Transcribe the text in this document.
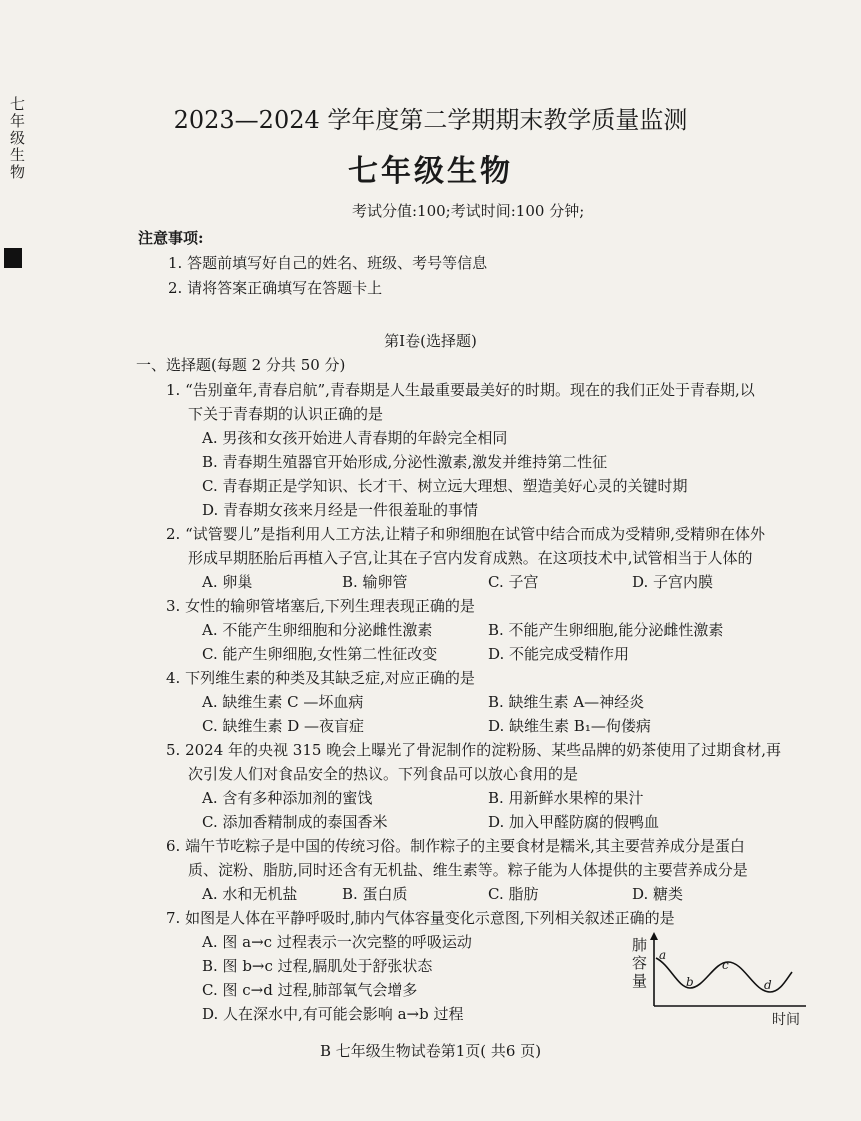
七年级生物	2023—2024 学年度第二学期期末教学质量监测
七年级生物
考试分值:100;考试时间:100 分钟;
注意事项:
1. 答题前填写好自己的姓名、班级、考号等信息
2. 请将答案正确填写在答题卡上
第Ⅰ卷(选择题)
一、选择题(每题 2 分共 50 分)
1. “告别童年,青春启航”,青春期是人生最重要最美好的时期。现在的我们正处于青春期,以
下关于青春期的认识正确的是
A. 男孩和女孩开始进人青春期的年龄完全相同
B. 青春期生殖器官开始形成,分泌性激素,激发并维持第二性征
C. 青春期正是学知识、长才干、树立远大理想、塑造美好心灵的关键时期
D. 青春期女孩来月经是一件很羞耻的事情
2. “试管婴儿”是指利用人工方法,让精子和卵细胞在试管中结合而成为受精卵,受精卵在体外
形成早期胚胎后再植入子宫,让其在子宫内发育成熟。在这项技术中,试管相当于人体的
A. 卵巢	B. 输卵管	C. 子宫	D. 子宫内膜
3. 女性的输卵管堵塞后,下列生理表现正确的是
A. 不能产生卵细胞和分泌雌性激素	B. 不能产生卵细胞,能分泌雌性激素
C. 能产生卵细胞,女性第二性征改变	D. 不能完成受精作用
4. 下列维生素的种类及其缺乏症,对应正确的是
A. 缺维生素 C —坏血病	B. 缺维生素 A—神经炎
C. 缺维生素 D —夜盲症	D. 缺维生素 B₁—佝偻病
5. 2024 年的央视 315 晚会上曝光了骨泥制作的淀粉肠、某些品牌的奶茶使用了过期食材,再
次引发人们对食品安全的热议。下列食品可以放心食用的是
A. 含有多种添加剂的蜜饯	B. 用新鲜水果榨的果汁
C. 添加香精制成的泰国香米	D. 加入甲醛防腐的假鸭血
6. 端午节吃粽子是中国的传统习俗。制作粽子的主要食材是糯米,其主要营养成分是蛋白
质、淀粉、脂肪,同时还含有无机盐、维生素等。粽子能为人体提供的主要营养成分是
A. 水和无机盐	B. 蛋白质	C. 脂肪	D. 糖类
7. 如图是人体在平静呼吸时,肺内气体容量变化示意图,下列相关叙述正确的是
A. 图 a→c 过程表示一次完整的呼吸运动
B. 图 b→c 过程,膈肌处于舒张状态
C. 图 c→d 过程,肺部氧气会增多
D. 人在深水中,有可能会影响 a→b 过程
肺容量
a
b
c
d
时间
B 七年级生物试卷第1页( 共6 页)
